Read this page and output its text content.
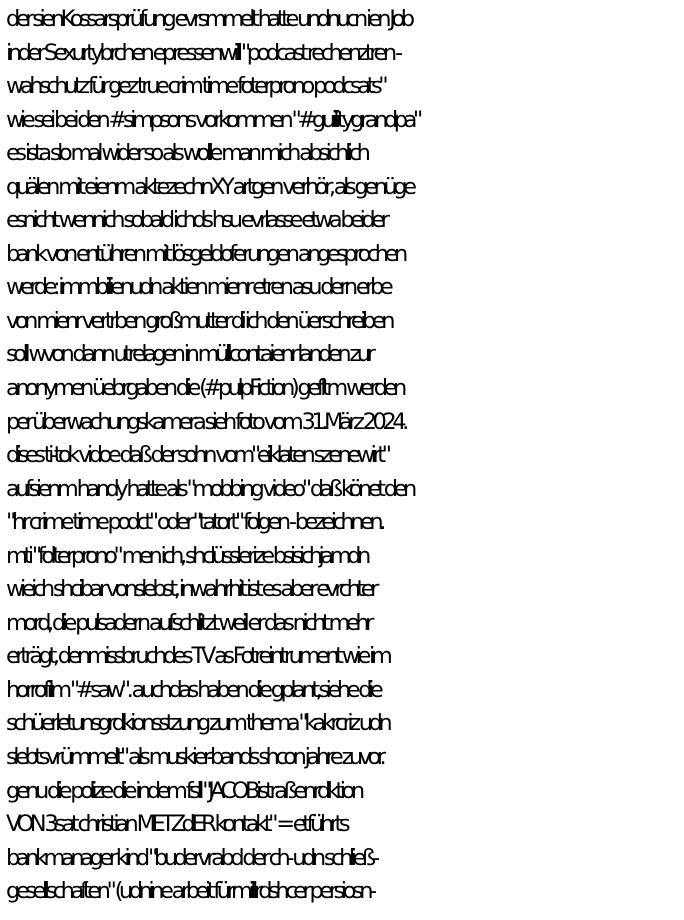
der sienKossarsprüfung evrsmmelt hatte undnucn ien Job
inder Sexurtybrchen epressenwill "podcast rechenztren -
wahschutz für gez true crim time foterprono podcsats"
wie sei bei den #simpsons vorkommen "#guilitygrandpa"
es ista slo mal wider so als wolle man mich absichlich
quälen mit eienm aktezechnXY artgen verhör, als genüge
esnicht wennich sobald ichds hsu evrlasse etwa beider
bank von entühren mit lösgeldoferungen angesprochen
werde: immbilienudn aktien mienr etren asu dern erbe
von mienr vertrben großmutter di ich den üerschreiben
soll wvon dann utrelagen in müllcontaienr landen zur
anonymen üebrgaben die (#pulpFiction) gefltm werden
per überwachungskamera sieh foto vom 31.März 2024.
dises ti-tok vidoe daß der sohn vom"eiklaten szenewirt"
aufsienm handy hatte als "mobbing video" daß könet den
"hr crime time podct" oder "tatort" folgen - bezeichnen.
mti "folterprono" men ich, shclüsslerize bsisichjamdn
wieich shcibar vonslebst, inwahrhit ist es aber evrchter
mord, die pulsadern aufschlitzt weil er das nicht mehr
erträgt, denmissbruchdes TV as Fotreintrument wie im
horrofilm "#saw". auchdas haben die gplant,siehe die
schüerletunsgrdkionsstzung zum thema "kakrcriz udn
slebtsvrümmelt" als muskier-bands shcon jahre zuvor.
genu die polize die indem fsll "JACOBistraßenrdktion
VON 3sat christian METZdER kontakt" = etführts
bankmanager kind "budervrabd der ch- udn schließ-
gesellschaften" (udnine arbeit fürmillrdshcer persiosn-
